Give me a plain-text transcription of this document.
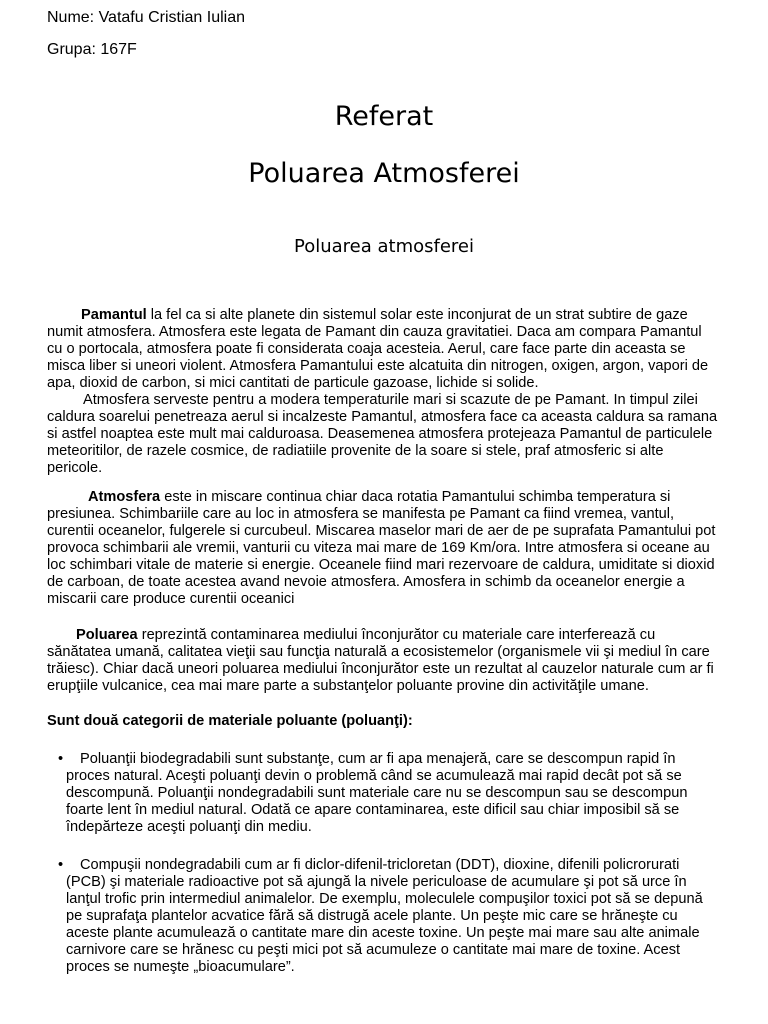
Nume: Vatafu Cristian Iulian
Grupa: 167F
Referat
Poluarea Atmosferei
Poluarea atmosferei

Pamantul la fel ca si alte planete din sistemul solar este inconjurat de un strat subtire de gaze numit atmosfera. Atmosfera este legata de Pamant din cauza gravitatiei. Daca am compara Pamantul cu o portocala, atmosfera poate fi considerata coaja acesteia. Aerul, care face parte din aceasta se misca liber si uneori violent. Atmosfera Pamantului este alcatuita din nitrogen, oxigen, argon, vapori de apa, dioxid de carbon, si mici cantitati de particule gazoase, lichide si solide.

Atmosfera serveste pentru a modera temperaturile mari si scazute de pe Pamant. In timpul zilei caldura soarelui penetreaza aerul si incalzeste Pamantul, atmosfera face ca aceasta caldura sa ramana si astfel noaptea este mult mai calduroasa. Deasemenea atmosfera protejeaza Pamantul de particulele meteoritilor, de razele cosmice, de radiatiile provenite de la soare si stele, praf atmosferic si alte pericole.

Atmosfera este in miscare continua chiar daca rotatia Pamantului schimba temperatura si presiunea. Schimbariile care au loc in atmosfera se manifesta pe Pamant ca fiind vremea, vantul, curentii oceanelor, fulgerele si curcubeul. Miscarea maselor mari de aer de pe suprafata Pamantului pot provoca schimbarii ale vremii, vanturii cu viteza mai mare de 169 Km/ora. Intre atmosfera si oceane au loc schimbari vitale de materie si energie. Oceanele fiind mari rezervoare de caldura, umiditate si dioxid de carboan, de toate acestea avand nevoie atmosfera. Amosfera in schimb da oceanelor energie a miscarii care produce curentii oceanici

Poluarea reprezintă contaminarea mediului înconjurător cu materiale care interferează cu sănătatea umană, calitatea vieţii sau funcţia naturală a ecosistemelor (organismele vii şi mediul în care trăiesc). Chiar dacă uneori poluarea mediului înconjurător este un rezultat al cauzelor naturale cum ar fi erupţiile vulcanice, cea mai mare parte a substanţelor poluante provine din activităţile umane.

Sunt două categorii de materiale poluante (poluanţi):

•	Poluanţii biodegradabili sunt substanţe, cum ar fi apa menajeră, care se descompun rapid în proces natural. Aceşti poluanţi devin o problemă când se acumulează mai rapid decât pot să se descompună. Poluanţii nondegradabili sunt materiale care nu se descompun sau se descompun foarte lent în mediul natural. Odată ce apare contaminarea, este dificil sau chiar imposibil să se îndepărteze aceşti poluanţi din mediu.
•	Compuşii nondegradabili cum ar fi diclor-difenil-tricloretan (DDT), dioxine, difenili policrorurati (PCB) şi materiale radioactive pot să ajungă la nivele periculoase de acumulare şi pot să urce în lanţul trofic prin intermediul animalelor. De exemplu, moleculele compuşilor toxici pot să se depună pe suprafaţa plantelor acvatice fără să distrugă acele plante. Un peşte mic care se hrăneşte cu aceste plante acumulează o cantitate mare din aceste toxine. Un peşte mai mare sau alte animale carnivore care se hrănesc cu peşti mici pot să acumuleze o cantitate mai mare de toxine. Acest proces se numeşte „bioacumulare”.
